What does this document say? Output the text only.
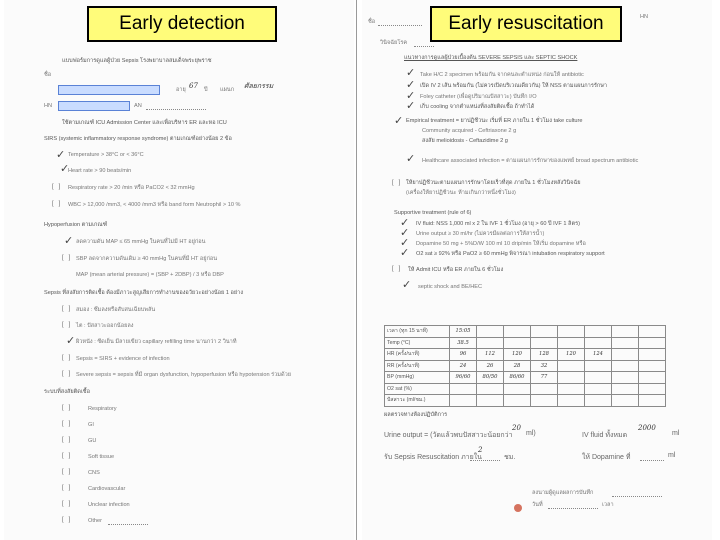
แบบฟอร์มการดูแลผู้ป่วย Sepsis โรงพยาบาลสมเด็จพระยุพราช
ชื่อ
อายุ 67 ปี แผนก ศัลยกรรม
HN	AN
ใช้ตามเกณฑ์ ICU Admission Center และเพื่อบริหาร ER และหอ ICU
SIRS (systemic inflammatory response syndrome) ตามเกณฑ์อย่างน้อย 2 ข้อ
✓ Temperature > 38°C or < 36°C
✓
Heart rate > 90 beats/min
[   ] Respiratory rate > 20 /min หรือ PaCO2 < 32 mmHg
[   ] WBC > 12,000 /mm3, < 4000 /mm3 หรือ band form Neutrophil > 10 %
Hypoperfusion ตามเกณฑ์
✓ ลดความดัน MAP ≤ 65 mmHg ในคนที่ไม่มี HT อยู่ก่อน
[   ] SBP ลดจากความดันเดิม ≥ 40 mmHg ในคนที่มี HT อยู่ก่อน
MAP (mean arterial pressure) = (SBP + 2DBP) / 3 หรือ DBP
Sepsis ที่สงสัยการติดเชื้อ ต้องมีภาวะสูญเสียการทำงานของอวัยวะอย่างน้อย 1 อย่าง
[   ] สมอง : ซึมลงหรือสับสนเฉียบพลัน
[   ] ไต : ปัสสาวะออกน้อยลง
✓ ผิวหนัง : ซีดเย็น มีลายเขียว capillary refilling time นานกว่า 2 วินาที
[   ] Sepsis = SIRS + evidence of infection
[   ] Severe sepsis = sepsis ที่มี organ dysfunction, hypoperfusion หรือ hypotension ร่วมด้วย
ระบบที่สงสัยติดเชื้อ
[   ]	Respiratory
[   ]	GI
[   ]	GU
[   ]	Soft tissue
[   ]	CNS
[   ]	Cardiovascular
[   ]	Unclear infection
[   ]	Other
ชื่อ
HN
วินิจฉัยโรค
แนวทางการดูแลผู้ป่วยเบื้องต้น SEVERE SEPSIS และ SEPTIC SHOCK
✓ Take H/C 2 specimen พร้อมกัน จากคนละตำแหน่ง ก่อนให้ antibiotic
✓ เปิด IV 2 เส้น พร้อมกัน (ไม่ควรเปิดบริเวณเดียวกัน) ให้ NSS ตามแผนการรักษา
✓ Foley catheter (เพื่อดูปริมาณปัสสาวะ) บันทึก I/O
✓ เก็บ cooling จากตำแหน่งที่สงสัยติดเชื้อ ถ้าทำได้
✓ Empirical treatment = ยาปฏิชีวนะ เริ่มที่ ER ภายใน 1 ชั่วโมง take culture
Community acquired - Ceftriaxone 2 g
สงสัย melioidosis - Ceftazidime 2 g
✓ Healthcare associated infection = ตามแผนการรักษาของแพทย์ broad spectrum antibiotic
[   ] ให้ยาปฏิชีวนะตามแผนการรักษาโดยเร็วที่สุด ภายใน 1 ชั่วโมงหลังวินิจฉัย
(เครื่องให้ยาปฏิชีวนะ ห้ามเกินกว่าหนึ่งชั่วโมง)
Supportive treatment (rule of 6)
✓ IV fluid: NSS 1,000 ml x 2 ใน IVF 1 ชั่วโมง (อายุ > 60 ปี IVF 1 ลิตร)
✓ Urine output ≥ 30 ml/hr (ไม่ควรมีผลต่อการให้สารน้ำ)
✓ Dopamine 50 mg + 5%D/W 100 ml 10 drip/min ให้เริ่ม dopamine หรือ
✓ O2 sat ≥ 92% หรือ PaO2 ≥ 60 mmHg พิจารณา intubation respiratory support
[   ] ให้ Admit ICU หรือ ER ภายใน 6 ชั่วโมง
✓ septic shock and BE/HEC
เวลา (ทุก 15 นาที)	15:05							
Temp (°C)	38.5							
HR (ครั้ง/นาที)	96	112	120	128	120	124		
RR (ครั้ง/นาที)	24	26	28	32				
BP (mmHg)	96/60	80/50	86/60	77				
O2 sat (%)								
ปัสสาวะ (ml/ชม.)								
ผลตรวจทางห้องปฏิบัติการ
Urine output = (วัดแล้วพบปัสสาวะน้อยกว่า
20
ml)	IV fluid ทั้งหมด
2000
ml
รับ Sepsis Resuscitation ภายใน
2
ชม.	ให้ Dopamine ที่	ml
ลงนามผู้ดูแลผลการบันทึก
วันที่	เวลา
Early detection	Early resuscitation
